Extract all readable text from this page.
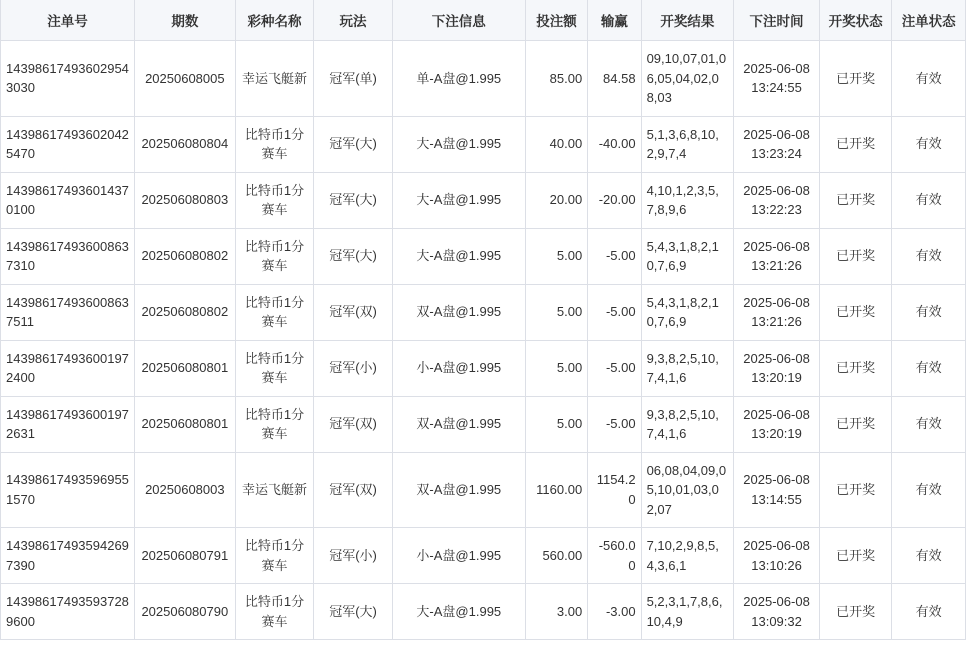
注单号	期数	彩种名称	玩法	下注信息	投注额	输赢	开奖结果	下注时间	开奖状态	注单状态
143986174936029543030	20250608005	幸运飞艇新	冠军(单)	单-A盘@1.995	85.00	84.58	09,10,07,01,06,05,04,02,08,03	2025-06-08 13:24:55	已开奖	有效
143986174936020425470	202506080804	比特币1分赛车	冠军(大)	大-A盘@1.995	40.00	-40.00	5,1,3,6,8,10,2,9,7,4	2025-06-08 13:23:24	已开奖	有效
143986174936014370100	202506080803	比特币1分赛车	冠军(大)	大-A盘@1.995	20.00	-20.00	4,10,1,2,3,5,7,8,9,6	2025-06-08 13:22:23	已开奖	有效
143986174936008637310	202506080802	比特币1分赛车	冠军(大)	大-A盘@1.995	5.00	-5.00	5,4,3,1,8,2,10,7,6,9	2025-06-08 13:21:26	已开奖	有效
143986174936008637511	202506080802	比特币1分赛车	冠军(双)	双-A盘@1.995	5.00	-5.00	5,4,3,1,8,2,10,7,6,9	2025-06-08 13:21:26	已开奖	有效
143986174936001972400	202506080801	比特币1分赛车	冠军(小)	小-A盘@1.995	5.00	-5.00	9,3,8,2,5,10,7,4,1,6	2025-06-08 13:20:19	已开奖	有效
143986174936001972631	202506080801	比特币1分赛车	冠军(双)	双-A盘@1.995	5.00	-5.00	9,3,8,2,5,10,7,4,1,6	2025-06-08 13:20:19	已开奖	有效
143986174935969551570	20250608003	幸运飞艇新	冠军(双)	双-A盘@1.995	1160.00	1154.20	06,08,04,09,05,10,01,03,02,07	2025-06-08 13:14:55	已开奖	有效
143986174935942697390	202506080791	比特币1分赛车	冠军(小)	小-A盘@1.995	560.00	-560.00	7,10,2,9,8,5,4,3,6,1	2025-06-08 13:10:26	已开奖	有效
143986174935937289600	202506080790	比特币1分赛车	冠军(大)	大-A盘@1.995	3.00	-3.00	5,2,3,1,7,8,6,10,4,9	2025-06-08 13:09:32	已开奖	有效
